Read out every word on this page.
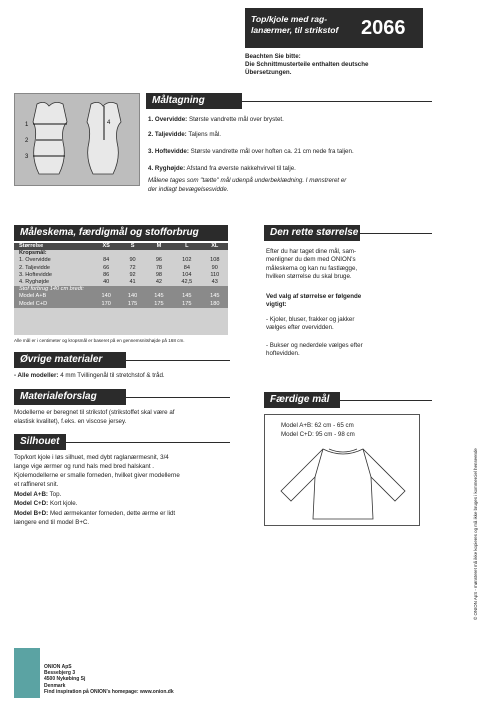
Top/kjole med rag-
lanærmer, til strikstof 2066
Beachten Sie bitte:
Die Schnittmusterteile enthalten deutsche
Übersetzungen.
1
2
3
4
Måltagning
1. Overvidde: Største vandrette mål over brystet.
2. Taljevidde: Taljens mål.
3. Hoftevidde: Største vandrette mål over hoften ca. 21 cm nede fra taljen.
4. Ryghøjde: Afstand fra øverste nakkehvirvel til talje.
Målene tages som "tætte" mål udenpå underbeklædning. I mønstreret er
der indlagt bevægelsesvidde.
Måleskema, færdigmål og stofforbrug
Størrelse	XS	S	M	L	XL
Kropsmål:					
1. Overvidde	84	90	96	102	108
2. Taljevidde	66	72	78	84	90
3. Hoftevidde	86	92	98	104	110
4. Ryghøjde	40	41	42	42,5	43
Stof forbrug 140 cm bredt:					
Model A+B	140	140	145	145	145
Model C+D	170	175	175	175	180
Alle mål er i centimeter og kropsmål er baseret på en gennemsnitshøjde på 168 cm.
Øvrige materialer
- Alle modeller: 4 mm Tvillingenål til stretchstof & tråd.
Materialeforslag
Modellerne er beregnet til strikstof (strikstoffet skal være af
elastisk kvalitet), f.eks. en viscose jersey.
Silhouet
Top/kort kjole i løs silhuet, med dybt raglanærmesnit, 3/4
lange vige ærmer og rund hals med bred halskant .
Kjolemodellerne er smalle forneden, hvilket giver modellerne
et raffineret snit.
Model A+B: Top.
Model C+D: Kort kjole.
Model B+D: Med ærmekanter forneden, dette ærme er lidt
længere end til model B+C.
Den rette størrelse
Efter du har taget dine mål, sam-
menligner du dem med ONION's
måleskema og kan nu fastlægge,
hvilken størrelse du skal bruge.
Ved valg af størrelse er følgende
vigtigt:
- Kjoler, bluser, frakker og jakker
vælges efter overvidden.
- Bukser og nederdele vælges efter
hoftevidden.
Færdige mål
Model A+B: 62 cm - 65 cm
Model C+D: 95 cm - 98 cm
© ONION ApS - mønsteret må ikke kopieres og må ikke bruges i kommerciel henseende
ONION ApS
Bessebjerg 3
4500 Nykøbing Sj
Denmark
Find inspiration på ONION's homepage: www.onion.dk
